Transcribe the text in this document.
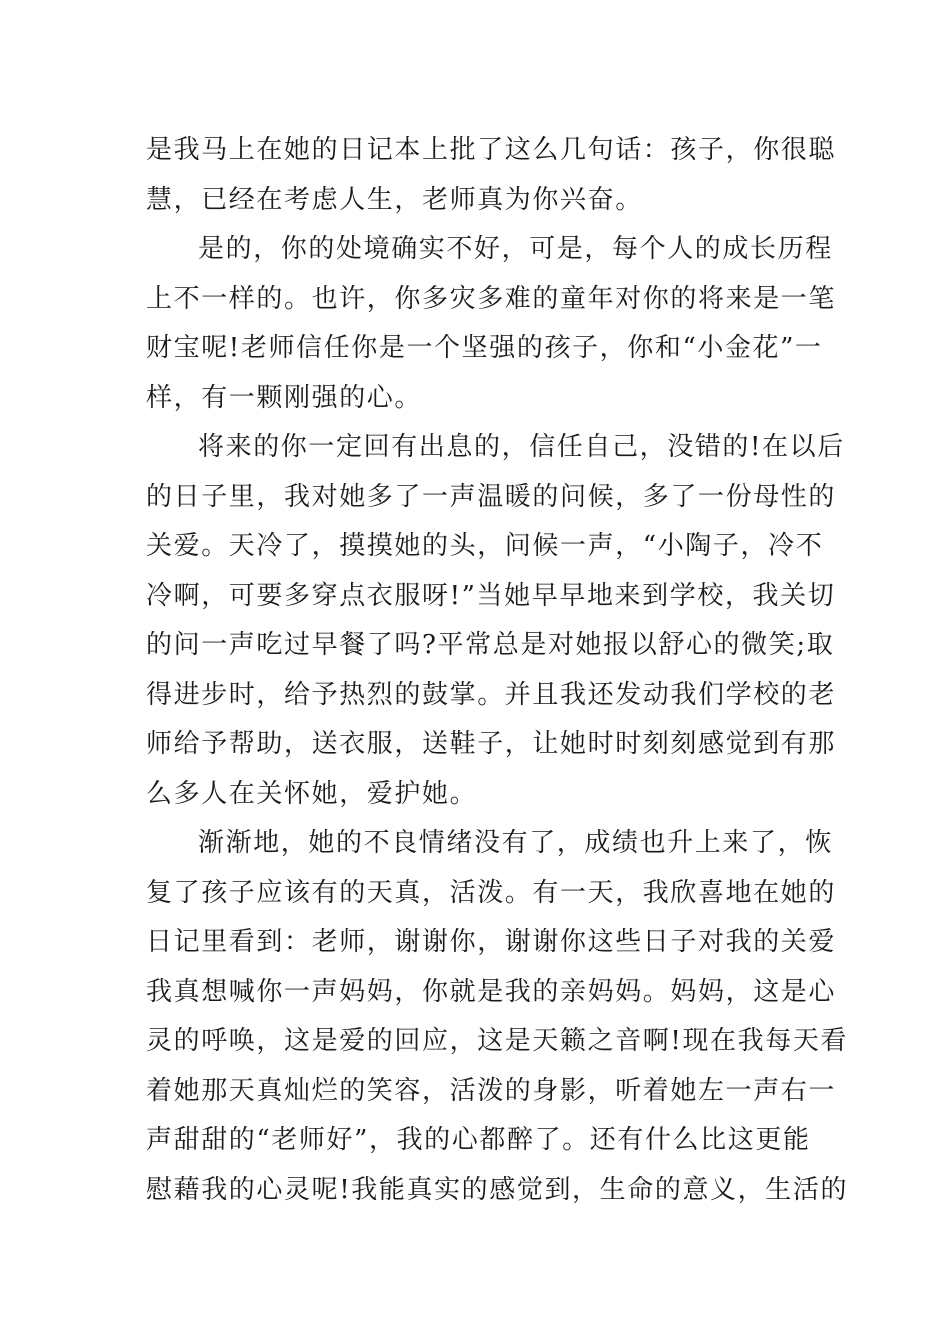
是我马上在她的日记本上批了这么几句话：孩子，你很聪
慧，已经在考虑人生，老师真为你兴奋。
是的，你的处境确实不好，可是，每个人的成长历程
上不一样的。也许，你多灾多难的童年对你的将来是一笔
财宝呢!老师信任你是一个坚强的孩子，你和“小金花”一
样，有一颗刚强的心。
将来的你一定回有出息的，信任自己，没错的!在以后
的日子里，我对她多了一声温暖的问候，多了一份母性的
关爱。天冷了，摸摸她的头，问候一声，“小陶子，冷不
冷啊，可要多穿点衣服呀!”当她早早地来到学校，我关切
的问一声吃过早餐了吗?平常总是对她报以舒心的微笑;取
得进步时，给予热烈的鼓掌。并且我还发动我们学校的老
师给予帮助，送衣服，送鞋子，让她时时刻刻感觉到有那
么多人在关怀她，爱护她。
渐渐地，她的不良情绪没有了，成绩也升上来了，恢
复了孩子应该有的天真，活泼。有一天，我欣喜地在她的
日记里看到：老师，谢谢你，谢谢你这些日子对我的关爱
我真想喊你一声妈妈，你就是我的亲妈妈。妈妈，这是心
灵的呼唤，这是爱的回应，这是天籁之音啊!现在我每天看
着她那天真灿烂的笑容，活泼的身影，听着她左一声右一
声甜甜的“老师好”，我的心都醉了。还有什么比这更能
慰藉我的心灵呢!我能真实的感觉到，生命的意义，生活的
